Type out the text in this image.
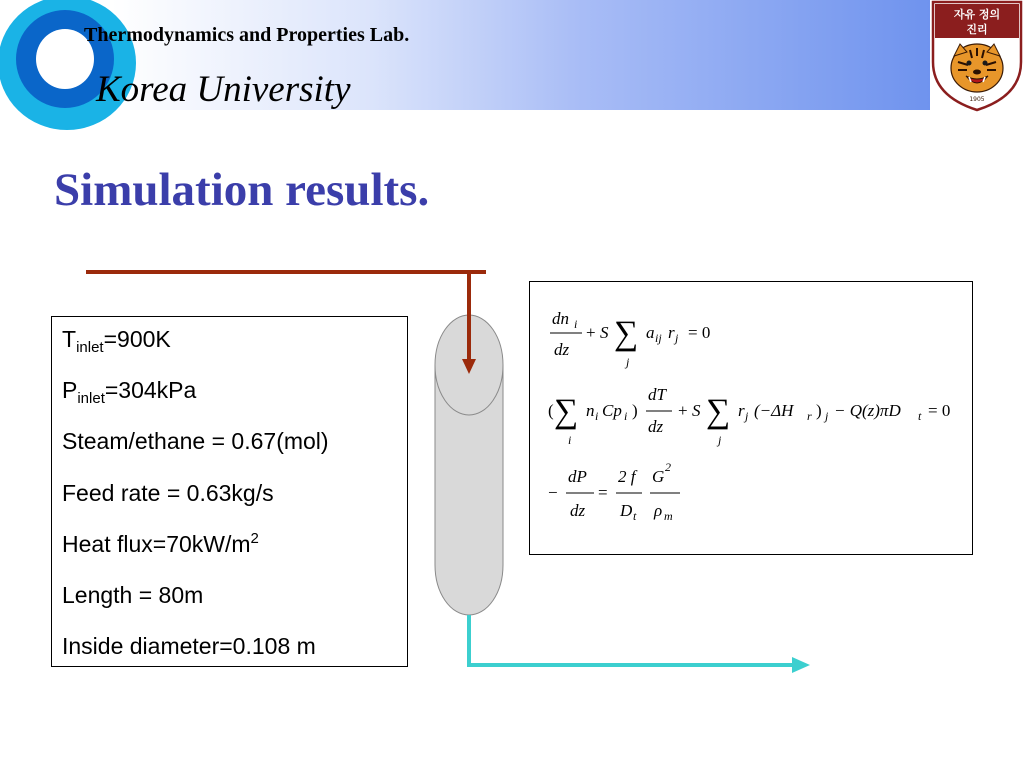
Thermodynamics and Properties Lab.
Korea University
자유 정의
진리
1905
Simulation results.
$T_{inlet}=900K$
$P_{inlet}=304kPa$
Steam/ethane = 0.67(mol)
Feed rate = 0.63kg/s
Heat $flux=70kW/m^2$
Length = 80m
Inside diameter=0.108 m
dn i
dz
+ S ∑
j
a ij r j = 0
( ∑
i
n i Cp i )
dT
dz
+ S ∑
j
r j (−ΔH r ) j − Q(z)πD t = 0
−
dP
dz
=
2 f
D t
G 2
ρ m
